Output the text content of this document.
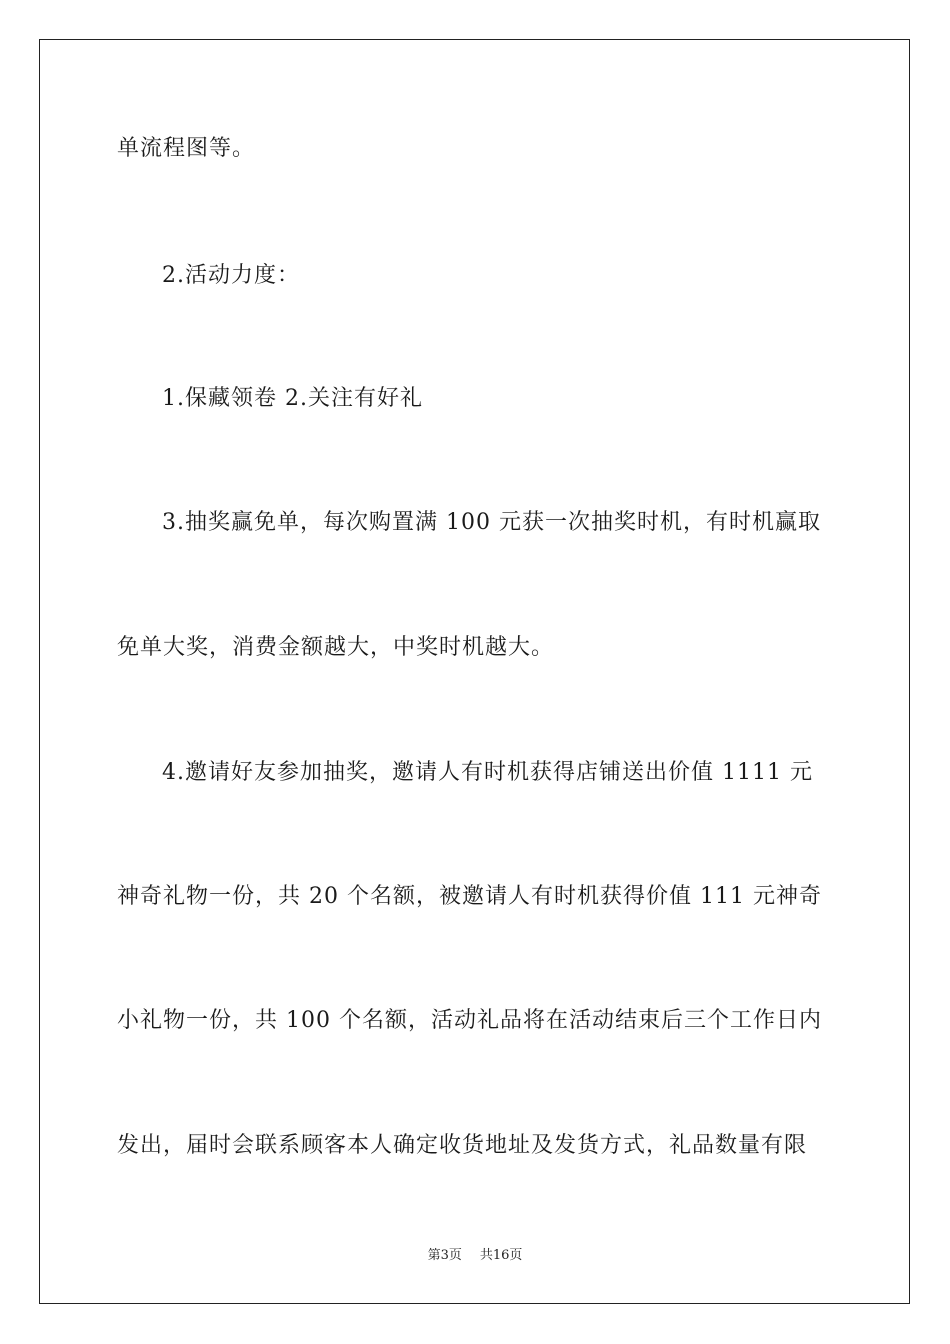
单流程图等。
2.活动力度：
1.保藏领卷 2.关注有好礼
3.抽奖赢免单，每次购置满 100 元获一次抽奖时机，有时机赢取
免单大奖，消费金额越大，中奖时机越大。
4.邀请好友参加抽奖，邀请人有时机获得店铺送出价值 1111 元
神奇礼物一份，共 20 个名额，被邀请人有时机获得价值 111 元神奇
小礼物一份，共 100 个名额，活动礼品将在活动结束后三个工作日内
发出，届时会联系顾客本人确定收货地址及发货方式，礼品数量有限
第3页 共16页
